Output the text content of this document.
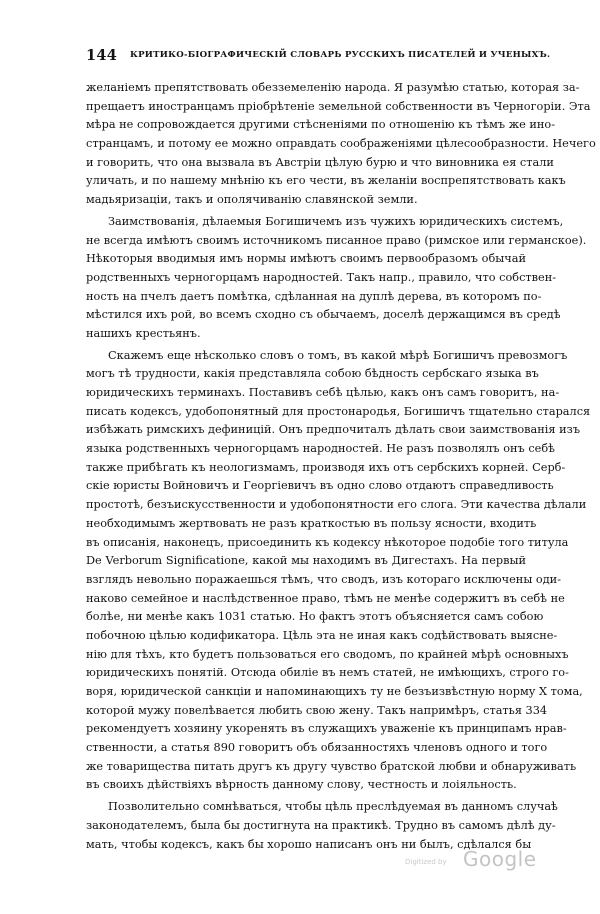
144 КРИТИКО-БІОГРАФИЧЕСКІЙ СЛОВАРЬ РУССКИХЪ ПИСАТЕЛЕЙ И УЧЕНЫХЪ.
желаніемъ препятствовать обезземеленію народа. Я разумѣю статью, которая за-
прещаетъ иностранцамъ пріобрѣтеніе земельной собственности въ Черногоріи. Эта
мѣра не сопровождается другими стѣсненіями по отношенію къ тѣмъ же ино-
странцамъ, и потому ее можно оправдать соображеніями цѣлесообразности. Нечего
и говорить, что она вызвала въ Австріи цѣлую бурю и что виновника ея стали
уличать, и по нашему мнѣнію къ его чести, въ желаніи воспрепятствовать какъ
мадьяризаціи, такъ и ополячиванію славянской земли.
Заимствованія, дѣлаемыя Богишичемъ изъ чужихъ юридическихъ системъ,
не всегда имѣютъ своимъ источникомъ писанное право (римское или германское).
Нѣкоторыя вводимыя имъ нормы имѣютъ своимъ первообразомъ обычай
родственныхъ черногорцамъ народностей. Такъ напр., правило, что собствен-
ность на пчелъ даетъ помѣтка, сдѣланная на дуплѣ дерева, въ которомъ по-
мѣстился ихъ рой, во всемъ сходно съ обычаемъ, доселѣ держащимся въ средѣ
нашихъ крестьянъ.
Скажемъ еще нѣсколько словъ о томъ, въ какой мѣрѣ Богишичъ превозмогъ
могъ тѣ трудности, какія представляла собою бѣдность сербскаго языка въ
юридическихъ терминахъ. Поставивъ себѣ цѣлью, какъ онъ самъ говоритъ, на-
писать кодексъ, удобопонятный для простонародья, Богишичъ тщательно старался
избѣжать римскихъ дефиницій. Онъ предпочиталъ дѣлать свои заимствованія изъ
языка родственныхъ черногорцамъ народностей. Не разъ позволялъ онъ себѣ
также прибѣгать къ неологизмамъ, производя ихъ отъ сербскихъ корней. Серб-
скіе юристы Войновичъ и Георгіевичъ въ одно слово отдаютъ справедливость
простотѣ, безъискусственности и удобопонятности его слога. Эти качества дѣлали
необходимымъ жертвовать не разъ краткостью въ пользу ясности, входить
въ описанія, наконецъ, присоединить къ кодексу нѣкоторое подобіе того титула
De Verborum Significatione, какой мы находимъ въ Дигестахъ. На первый
взглядъ невольно поражаешься тѣмъ, что сводъ, изъ котораго исключены оди-
наково семейное и наслѣдственное право, тѣмъ не менѣе содержитъ въ себѣ не
болѣе, ни менѣе какъ 1031 статью. Но фактъ этотъ объясняется самъ собою
побочною цѣлью кодификатора. Цѣль эта не иная какъ содѣйствовать выясне-
нію для тѣхъ, кто будетъ пользоваться его сводомъ, по крайней мѣрѣ основныхъ
юридическихъ понятій. Отсюда обиліе въ немъ статей, не имѣющихъ, строго го-
воря, юридической санкціи и напоминающихъ ту не безъизвѣстную норму X тома,
которой мужу повелѣвается любить свою жену. Такъ напримѣръ, статья 334
рекомендуетъ хозяину укоренять въ служащихъ уваженіе къ принципамъ нрав-
ственности, а статья 890 говоритъ объ обязанностяхъ членовъ одного и того
же товарищества питать другъ къ другу чувство братской любви и обнаруживать
въ своихъ дѣйствіяхъ вѣрность данному слову, честность и лоіяльность.
Позволительно сомнѣваться, чтобы цѣль преслѣдуемая въ данномъ случаѣ
законодателемъ, была бы достигнута на практикѣ. Трудно въ самомъ дѣлѣ ду-
мать, чтобы кодексъ, какъ бы хорошо написанъ онъ ни былъ, сдѣлался бы
Digitized by Google
